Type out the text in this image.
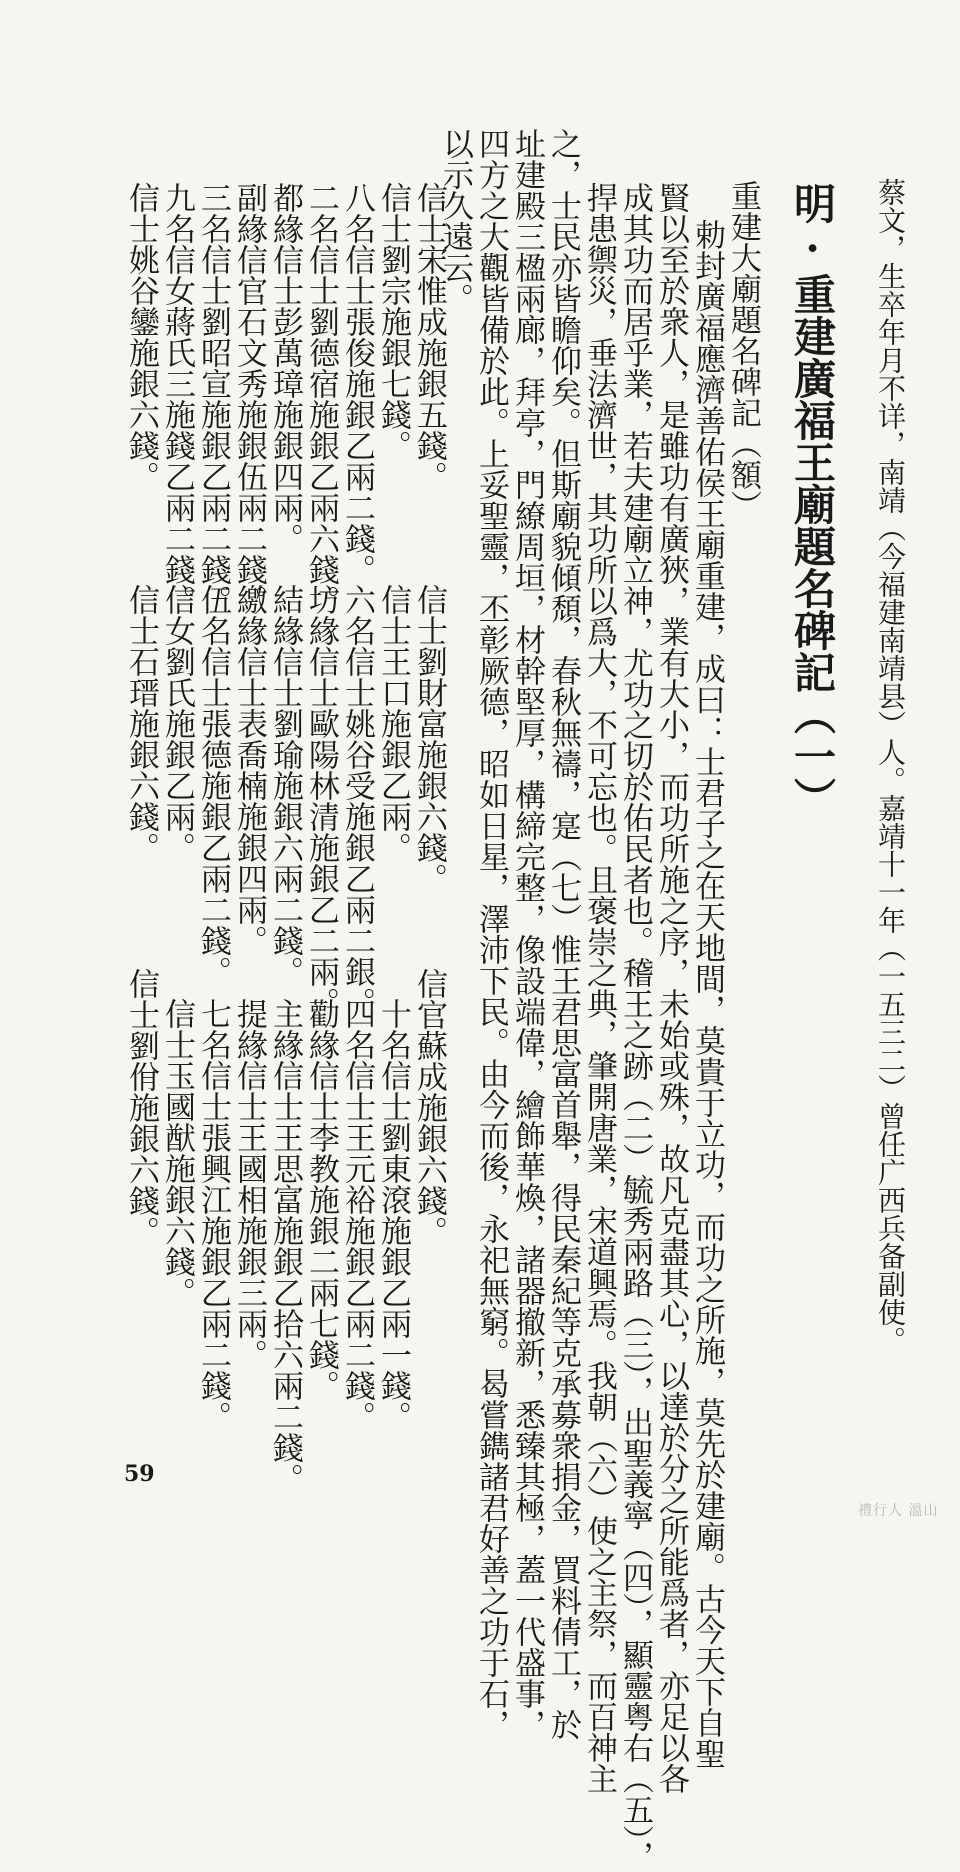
蔡文，生卒年月不详，南靖（今福建南靖县）人。嘉靖十一年（一五三二）曾任广西兵备副使。
明·重建廣福王廟題名碑記（一）
重建大廟題名碑記（額）
勅封廣福應濟善佑侯王廟重建，成曰：士君子之在天地間，莫貴于立功，而功之所施，莫先於建廟。古今天下自聖
賢以至於衆人，是雖功有廣狹，業有大小，而功所施之序，未始或殊，故凡克盡其心，以達於分之所能爲者，亦足以各
成其功而居乎業，若夫建廟立神，尤功之切於佑民者也。稽王之跡（二）毓秀兩路（三），出聖義寧（四），顯靈粤右（五），
捍患禦災，垂法濟世，其功所以爲大，不可忘也。且褒崇之典，肇開唐業，宋道興焉。我朝（六）使之主祭，而百神主
之，士民亦皆瞻仰矣。但斯廟貌傾頹，春秋無禱，寔（七）惟王君思富首舉，得民秦紀等克承募衆捐金，買料倩工，於
址建殿三楹兩廊，拜亭，門繚周垣，材幹堅厚，構締完整，像設端偉，繪飾華煥，諸器撤新，悉臻其極，蓋一代盛事，
四方之大觀皆備於此。上妥聖靈，丕彰厥德，昭如日星，澤沛下民。由今而後，永祀無窮。曷嘗鐫諸君好善之功于石，
以示久遠云。
信士宋惟成施銀五錢。
信士劉財富施銀六錢。
信官蘇成施銀六錢。
信士劉宗施銀七錢。
信士王口施銀乙兩。
十名信士劉東滾施銀乙兩一錢。
八名信士張俊施銀乙兩二錢。
六名信士姚谷受施銀乙兩二銀。
四名信士王元裕施銀乙兩二錢。
二名信士劉德宿施銀乙兩六錢。
坊緣信士歐陽林清施銀乙二兩。
勸緣信士李教施銀二兩七錢。
都緣信士彭萬璋施銀四兩。
結緣信士劉瑜施銀六兩二錢。
主緣信士王思富施銀乙拾六兩二錢。
副緣信官石文秀施銀伍兩二錢。
繳緣信士表喬楠施銀四兩。
提緣信士王國相施銀三兩。
三名信士劉昭宣施銀乙兩二錢。
伍名信士張德施銀乙兩二錢。
七名信士張興江施銀乙兩二錢。
九名信女蔣氏三施錢乙兩二錢。
信女劉氏施銀乙兩。
信士玉國猷施銀六錢。
信士姚谷鑾施銀六錢。
信士石瑨施銀六錢。
信士劉佾施銀六錢。
59
禮行人 溫山
